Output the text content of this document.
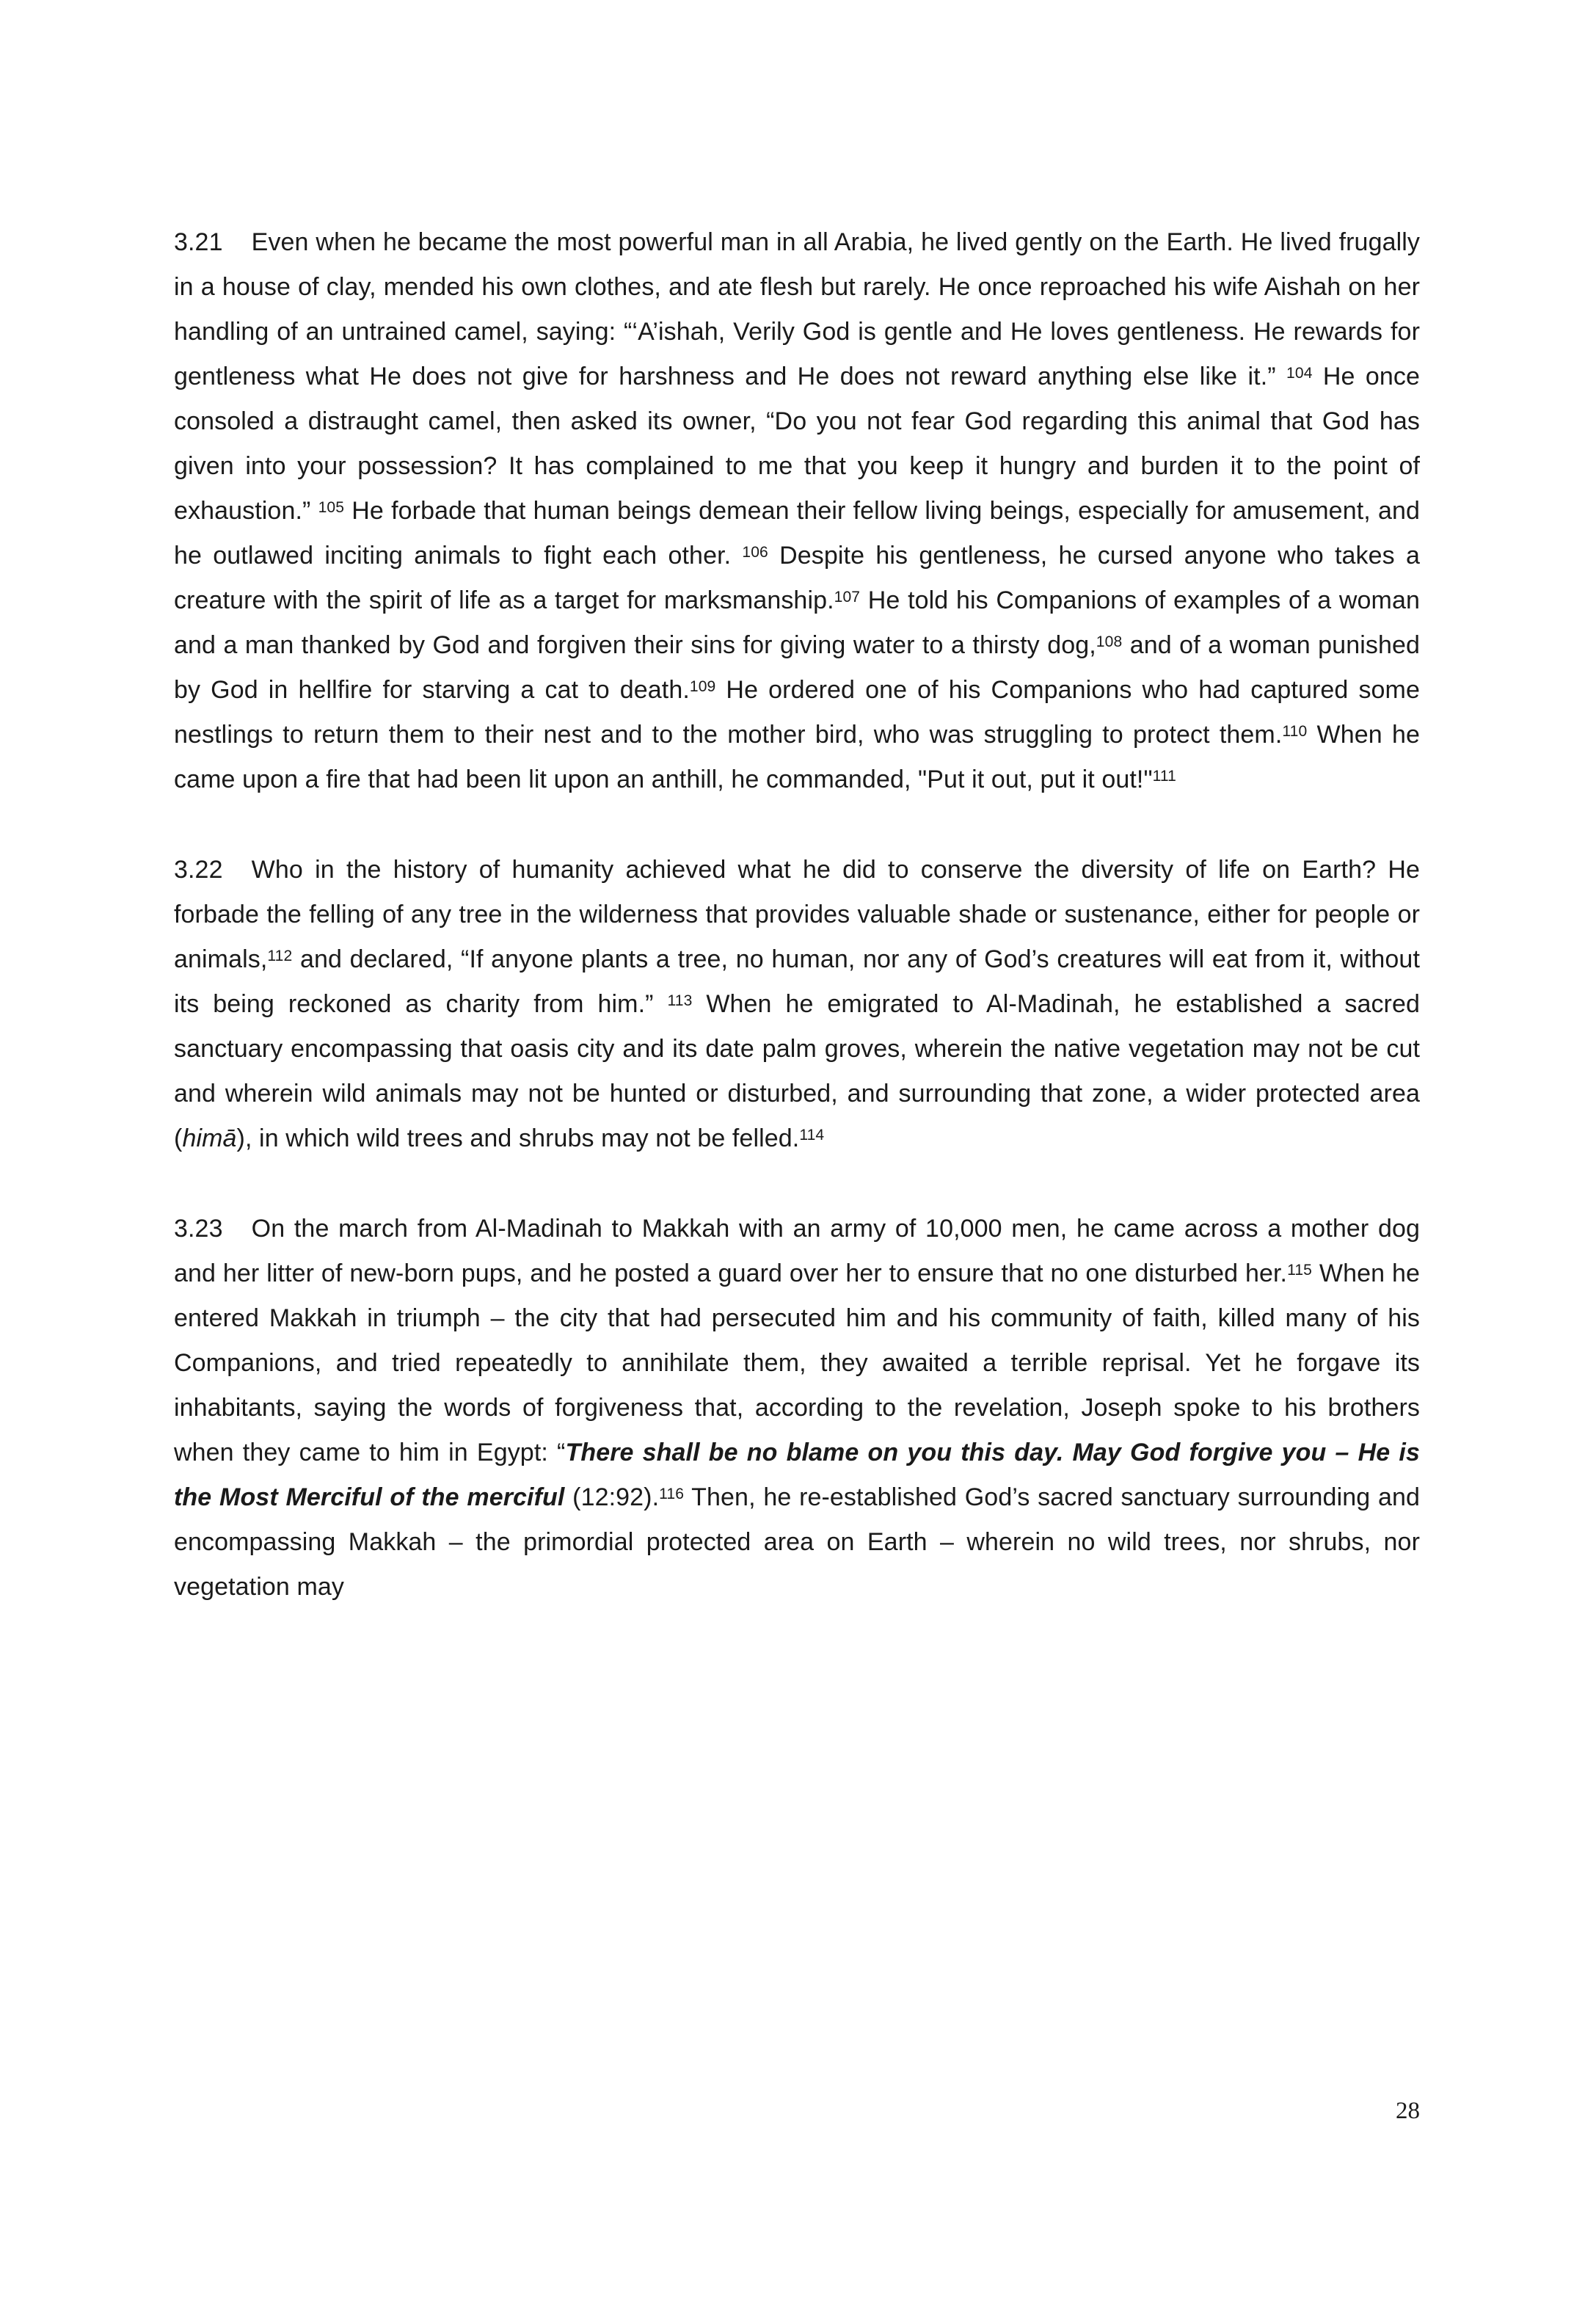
3.21 Even when he became the most powerful man in all Arabia, he lived gently on the Earth. He lived frugally in a house of clay, mended his own clothes, and ate flesh but rarely. He once reproached his wife Aishah on her handling of an untrained camel, saying: “‘A’ishah, Verily God is gentle and He loves gentleness. He rewards for gentleness what He does not give for harshness and He does not reward anything else like it.” $^{104}$ He once consoled a distraught camel, then asked its owner, “Do you not fear God regarding this animal that God has given into your possession? It has complained to me that you keep it hungry and burden it to the point of exhaustion.” $^{105}$ He forbade that human beings demean their fellow living beings, especially for amusement, and he outlawed inciting animals to fight each other. $^{106}$ Despite his gentleness, he cursed anyone who takes a creature with the spirit of life as a target for marksmanship.$^{107}$ He told his Companions of examples of a woman and a man thanked by God and forgiven their sins for giving water to a thirsty dog,$^{108}$ and of a woman punished by God in hellfire for starving a cat to death.$^{109}$ He ordered one of his Companions who had captured some nestlings to return them to their nest and to the mother bird, who was struggling to protect them.$^{110}$ When he came upon a fire that had been lit upon an anthill, he commanded, "Put it out, put it out!"$^{111}$

3.22 Who in the history of humanity achieved what he did to conserve the diversity of life on Earth? He forbade the felling of any tree in the wilderness that provides valuable shade or sustenance, either for people or animals,$^{112}$ and declared, “If anyone plants a tree, no human, nor any of God’s creatures will eat from it, without its being reckoned as charity from him.” $^{113}$ When he emigrated to Al-Madinah, he established a sacred sanctuary encompassing that oasis city and its date palm groves, wherein the native vegetation may not be cut and wherein wild animals may not be hunted or disturbed, and surrounding that zone, a wider protected area (himā), in which wild trees and shrubs may not be felled.$^{114}$

3.23 On the march from Al-Madinah to Makkah with an army of 10,000 men, he came across a mother dog and her litter of new-born pups, and he posted a guard over her to ensure that no one disturbed her.$^{115}$ When he entered Makkah in triumph – the city that had persecuted him and his community of faith, killed many of his Companions, and tried repeatedly to annihilate them, they awaited a terrible reprisal. Yet he forgave its inhabitants, saying the words of forgiveness that, according to the revelation, Joseph spoke to his brothers when they came to him in Egypt: “There shall be no blame on you this day. May God forgive you – He is the Most Merciful of the merciful (12:92).$^{116}$ Then, he re-established God’s sacred sanctuary surrounding and encompassing Makkah – the primordial protected area on Earth – wherein no wild trees, nor shrubs, nor vegetation may

28
